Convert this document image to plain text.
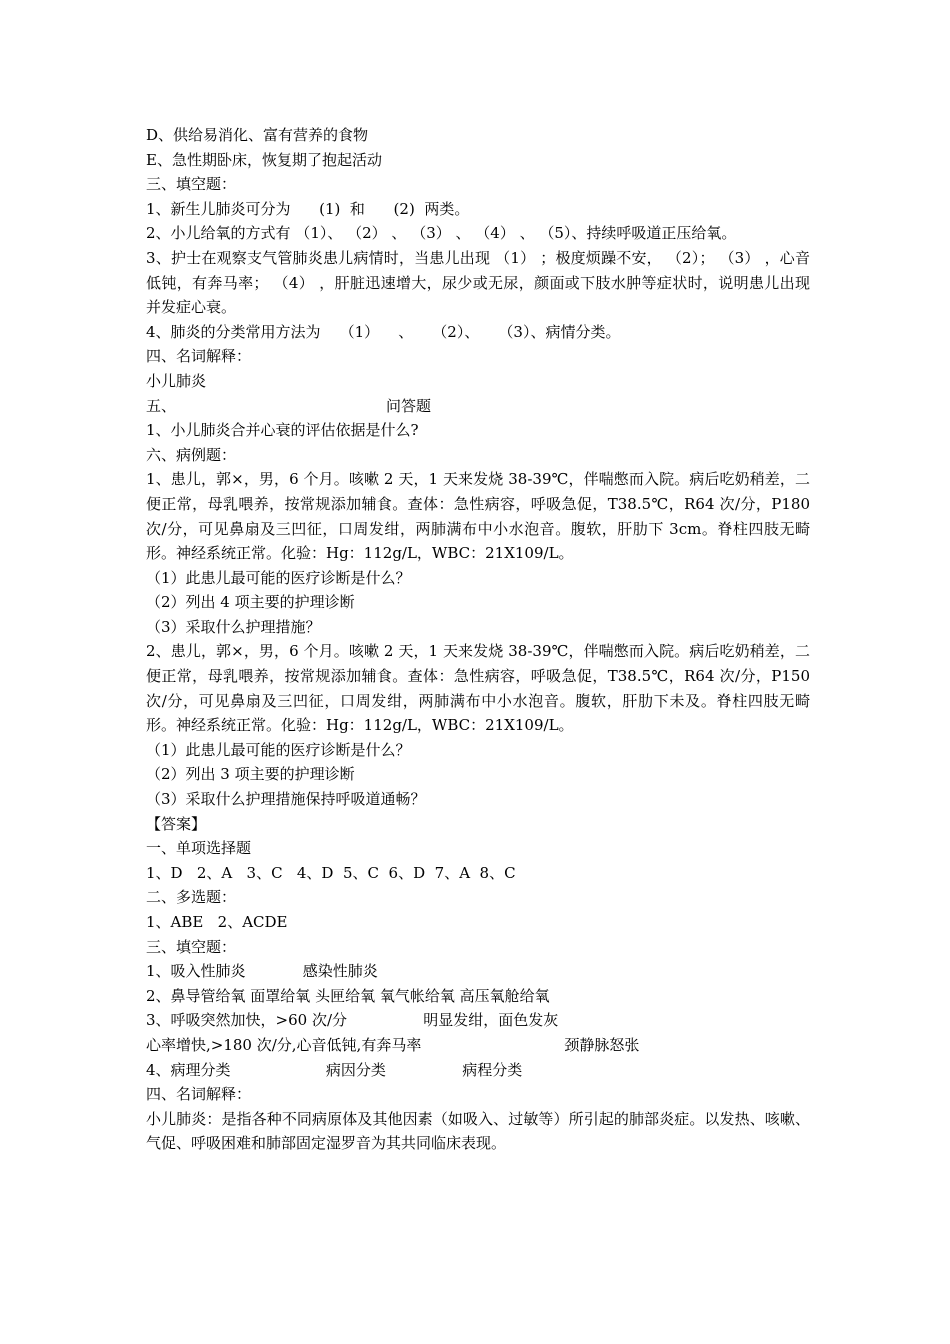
D、供给易消化、富有营养的食物
E、急性期卧床，恢复期了抱起活动
三、填空题：
1、新生儿肺炎可分为      (1)  和      (2)  两类。
2、小儿给氧的方式有 （1）、 （2） 、 （3） 、 （4） 、 （5）、持续呼吸道正压给氧。
3、护士在观察支气管肺炎患儿病情时，当患儿出现 （1） ；极度烦躁不安， （2）； （3） ，心音低钝，有奔马率； （4） ，肝脏迅速增大，尿少或无尿，颜面或下肢水肿等症状时，说明患儿出现并发症心衰。
4、肺炎的分类常用方法为    （1）    、    （2）、    （3）、病情分类。
四、名词解释：
小儿肺炎
五、	问答题
1、小儿肺炎合并心衰的评估依据是什么?
六、病例题：
1、患儿，郭×，男，6 个月。咳嗽 2 天，1 天来发烧 38-39℃，伴喘憋而入院。病后吃奶稍差，二便正常，母乳喂养，按常规添加辅食。查体：急性病容，呼吸急促，T38.5℃，R64 次/分，P180 次/分，可见鼻扇及三凹征，口周发绀，两肺满布中小水泡音。腹软，肝肋下 3cm。脊柱四肢无畸形。神经系统正常。化验：Hg：112g/L，WBC：21X109/L。
（1）此患儿最可能的医疗诊断是什么？
（2）列出 4 项主要的护理诊断
（3）采取什么护理措施？
2、患儿，郭×，男，6 个月。咳嗽 2 天，1 天来发烧 38-39℃，伴喘憋而入院。病后吃奶稍差，二便正常，母乳喂养，按常规添加辅食。查体：急性病容，呼吸急促，T38.5℃，R64 次/分，P150 次/分，可见鼻扇及三凹征，口周发绀，两肺满布中小水泡音。腹软，肝肋下未及。脊柱四肢无畸形。神经系统正常。化验：Hg：112g/L，WBC：21X109/L。
（1）此患儿最可能的医疗诊断是什么？
（2）列出 3 项主要的护理诊断
（3）采取什么护理措施保持呼吸道通畅？
【答案】
一、单项选择题
1、D   2、A   3、C   4、D  5、C  6、D  7、A  8、C
二、多选题：
1、ABE   2、ACDE
三、填空题：
1、吸入性肺炎            感染性肺炎
2、鼻导管给氧 面罩给氧 头匣给氧 氧气帐给氧 高压氧舱给氧
3、呼吸突然加快，>60 次/分                明显发绀，面色发灰
心率增快,>180 次/分,心音低钝,有奔马率                              颈静脉怒张
4、病理分类                    病因分类                病程分类
四、名词解释：
小儿肺炎：是指各种不同病原体及其他因素（如吸入、过敏等）所引起的肺部炎症。以发热、咳嗽、气促、呼吸困难和肺部固定湿罗音为其共同临床表现。
